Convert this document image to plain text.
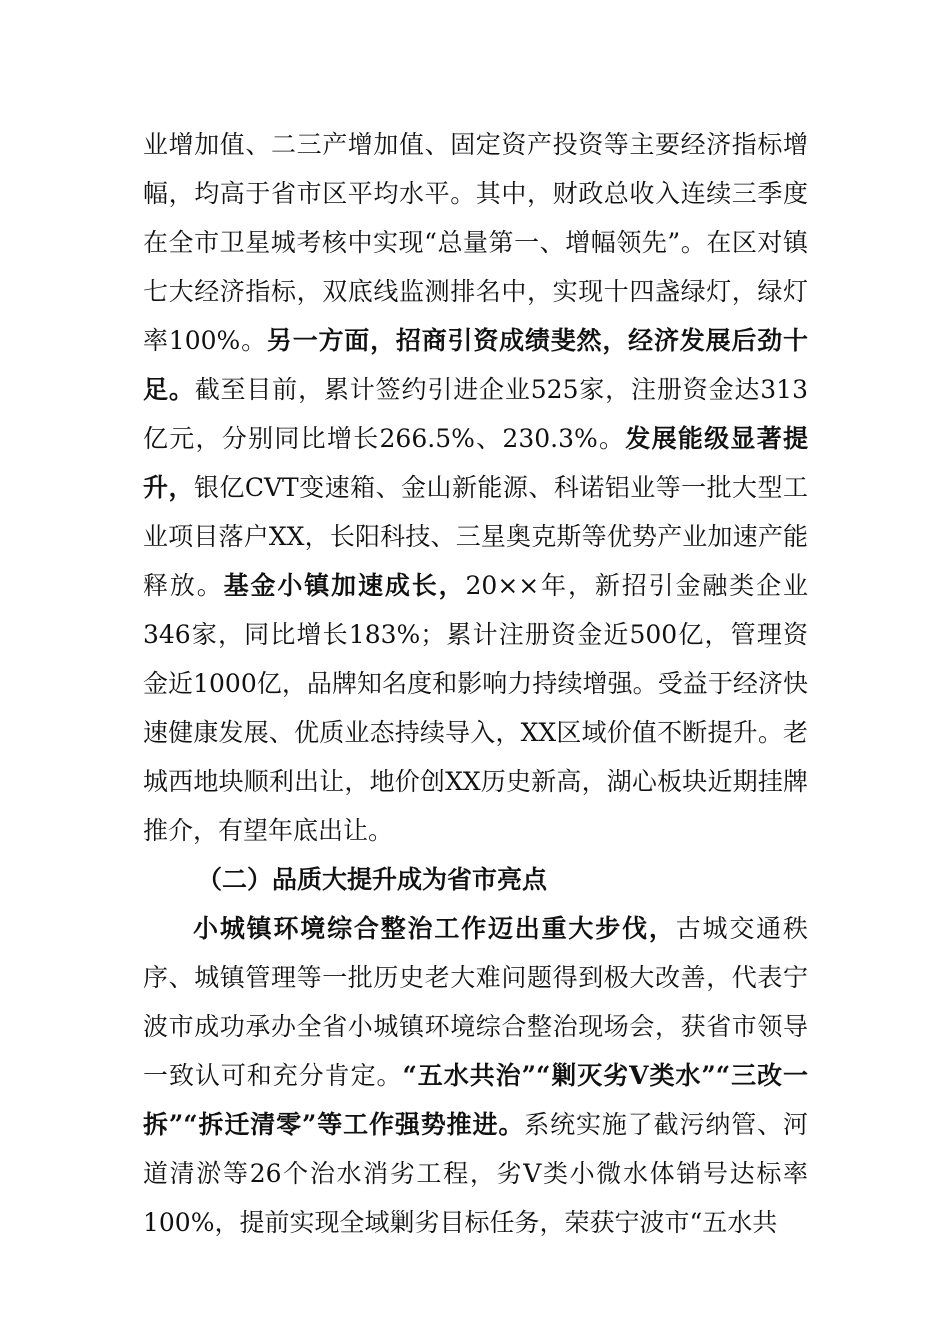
业增加值、二三产增加值、固定资产投资等主要经济指标增幅，均高于省市区平均水平。其中，财政总收入连续三季度在全市卫星城考核中实现“总量第一、增幅领先”。在区对镇七大经济指标，双底线监测排名中，实现十四盏绿灯，绿灯率100%。另一方面，招商引资成绩斐然，经济发展后劲十足。截至目前，累计签约引进企业525家，注册资金达313亿元，分别同比增长266.5%、230.3%。发展能级显著提升，银亿CVT变速箱、金山新能源、科诺铝业等一批大型工业项目落户XX，长阳科技、三星奥克斯等优势产业加速产能释放。基金小镇加速成长，20××年，新招引金融类企业346家，同比增长183%；累计注册资金近500亿，管理资金近1000亿，品牌知名度和影响力持续增强。受益于经济快速健康发展、优质业态持续导入，XX区域价值不断提升。老城西地块顺利出让，地价创XX历史新高，湖心板块近期挂牌推介，有望年底出让。

（二）品质大提升成为省市亮点

小城镇环境综合整治工作迈出重大步伐，古城交通秩序、城镇管理等一批历史老大难问题得到极大改善，代表宁波市成功承办全省小城镇环境综合整治现场会，获省市领导一致认可和充分肯定。“五水共治”“剿灭劣V类水”“三改一拆”“拆迁清零”等工作强势推进。系统实施了截污纳管、河道清淤等26个治水消劣工程，劣V类小微水体销号达标率100%，提前实现全域剿劣目标任务，荣获宁波市“五水共
